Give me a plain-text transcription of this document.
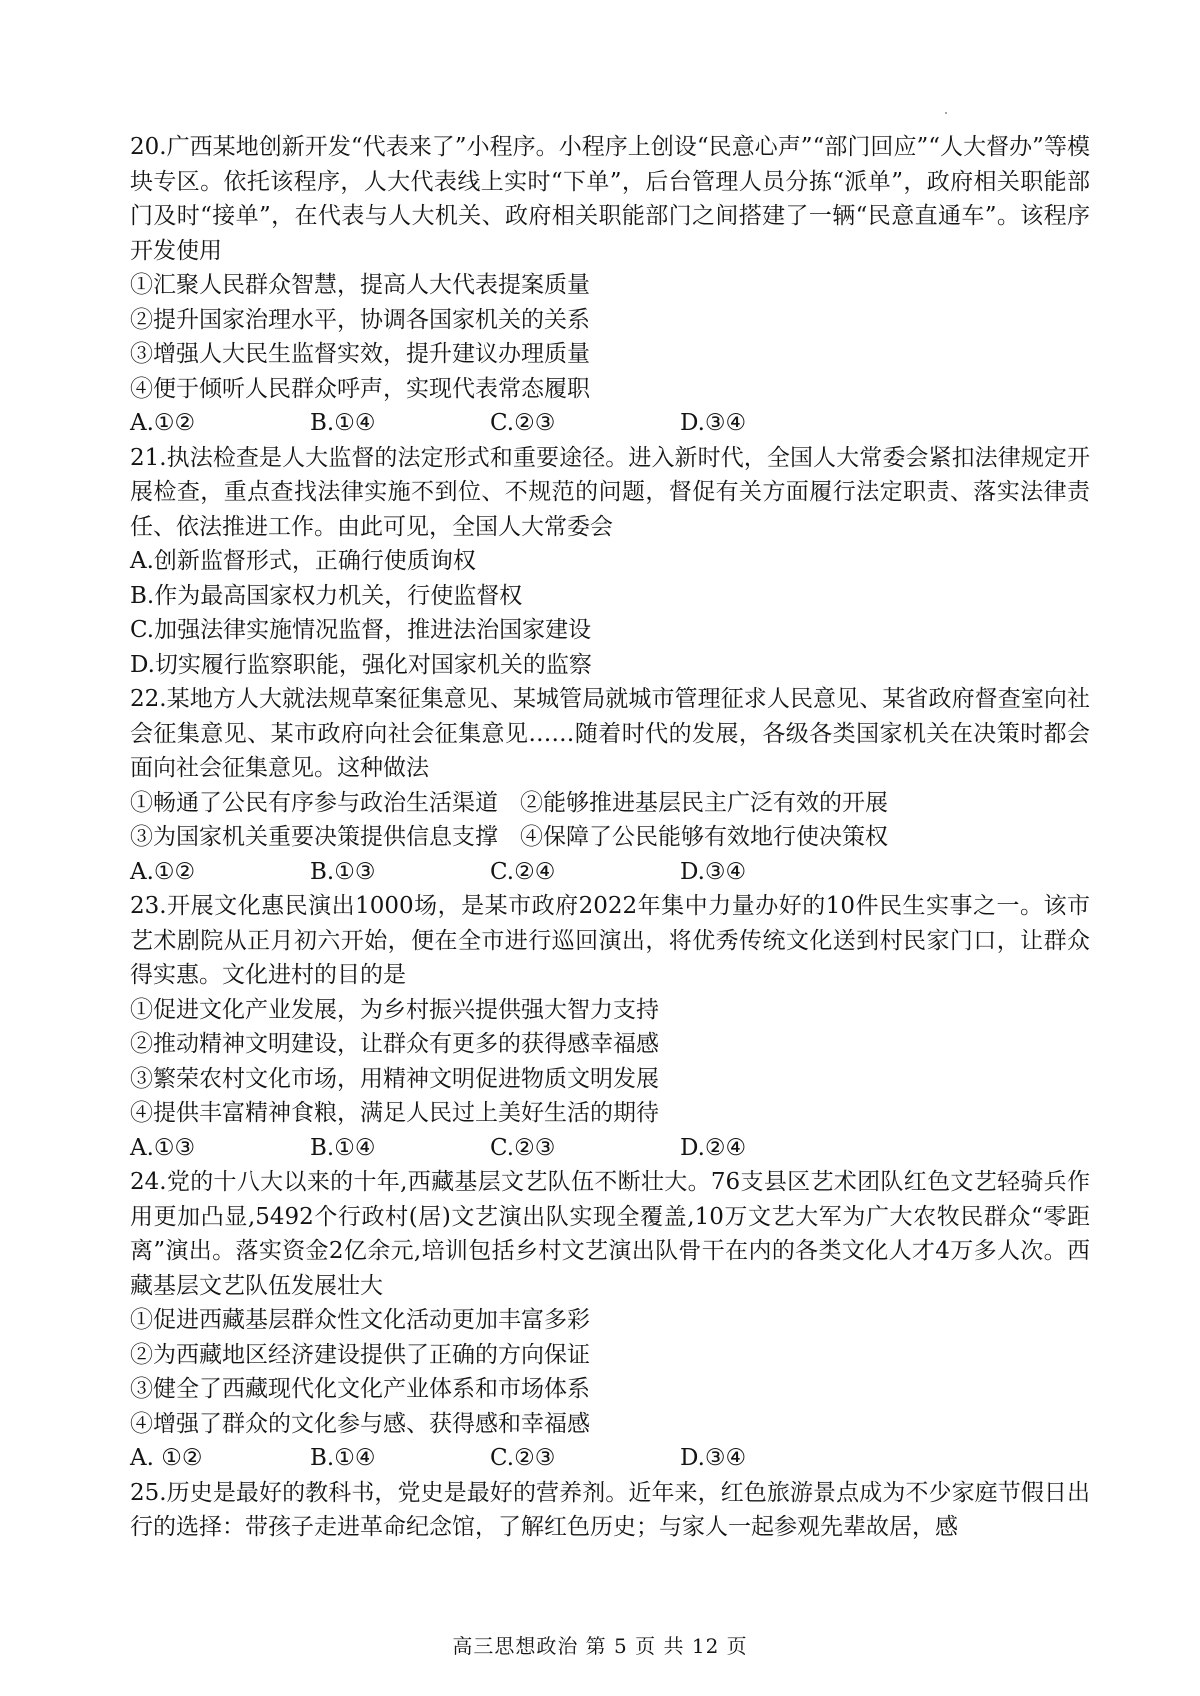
20.广西某地创新开发“代表来了”小程序。小程序上创设“民意心声”“部门回应”“人大督办”等模块专区。依托该程序，人大代表线上实时“下单”，后台管理人员分拣“派单”，政府相关职能部门及时“接单”，在代表与人大机关、政府相关职能部门之间搭建了一辆“民意直通车”。该程序开发使用

①汇聚人民群众智慧，提高人大代表提案质量

②提升国家治理水平，协调各国家机关的关系

③增强人大民生监督实效，提升建议办理质量

④便于倾听人民群众呼声，实现代表常态履职

A.①②	B.①④	C.②③	D.③④

21.执法检查是人大监督的法定形式和重要途径。进入新时代，全国人大常委会紧扣法律规定开展检查，重点查找法律实施不到位、不规范的问题，督促有关方面履行法定职责、落实法律责任、依法推进工作。由此可见，全国人大常委会

A.创新监督形式，正确行使质询权

B.作为最高国家权力机关，行使监督权

C.加强法律实施情况监督，推进法治国家建设

D.切实履行监察职能，强化对国家机关的监察

22.某地方人大就法规草案征集意见、某城管局就城市管理征求人民意见、某省政府督查室向社会征集意见、某市政府向社会征集意见……随着时代的发展，各级各类国家机关在决策时都会面向社会征集意见。这种做法

①畅通了公民有序参与政治生活渠道 ②能够推进基层民主广泛有效的开展
③为国家机关重要决策提供信息支撑 ④保障了公民能够有效地行使决策权
A.①②	B.①③	C.②④	D.③④

23.开展文化惠民演出1000场，是某市政府2022年集中力量办好的10件民生实事之一。该市艺术剧院从正月初六开始，便在全市进行巡回演出，将优秀传统文化送到村民家门口，让群众得实惠。文化进村的目的是

①促进文化产业发展，为乡村振兴提供强大智力支持

②推动精神文明建设，让群众有更多的获得感幸福感

③繁荣农村文化市场，用精神文明促进物质文明发展

④提供丰富精神食粮，满足人民过上美好生活的期待

A.①③	B.①④	C.②③	D.②④

24.党的十八大以来的十年,西藏基层文艺队伍不断壮大。76支县区艺术团队红色文艺轻骑兵作用更加凸显,5492个行政村(居)文艺演出队实现全覆盖,10万文艺大军为广大农牧民群众“零距离”演出。落实资金2亿余元,培训包括乡村文艺演出队骨干在内的各类文化人才4万多人次。西藏基层文艺队伍发展壮大

①促进西藏基层群众性文化活动更加丰富多彩

②为西藏地区经济建设提供了正确的方向保证

③健全了西藏现代化文化产业体系和市场体系

④增强了群众的文化参与感、获得感和幸福感

A. ①②	B.①④	C.②③	D.③④

25.历史是最好的教科书，党史是最好的营养剂。近年来，红色旅游景点成为不少家庭节假日出行的选择：带孩子走进革命纪念馆，了解红色历史；与家人一起参观先辈故居，感

高三思想政治 第 5 页 共 12 页
